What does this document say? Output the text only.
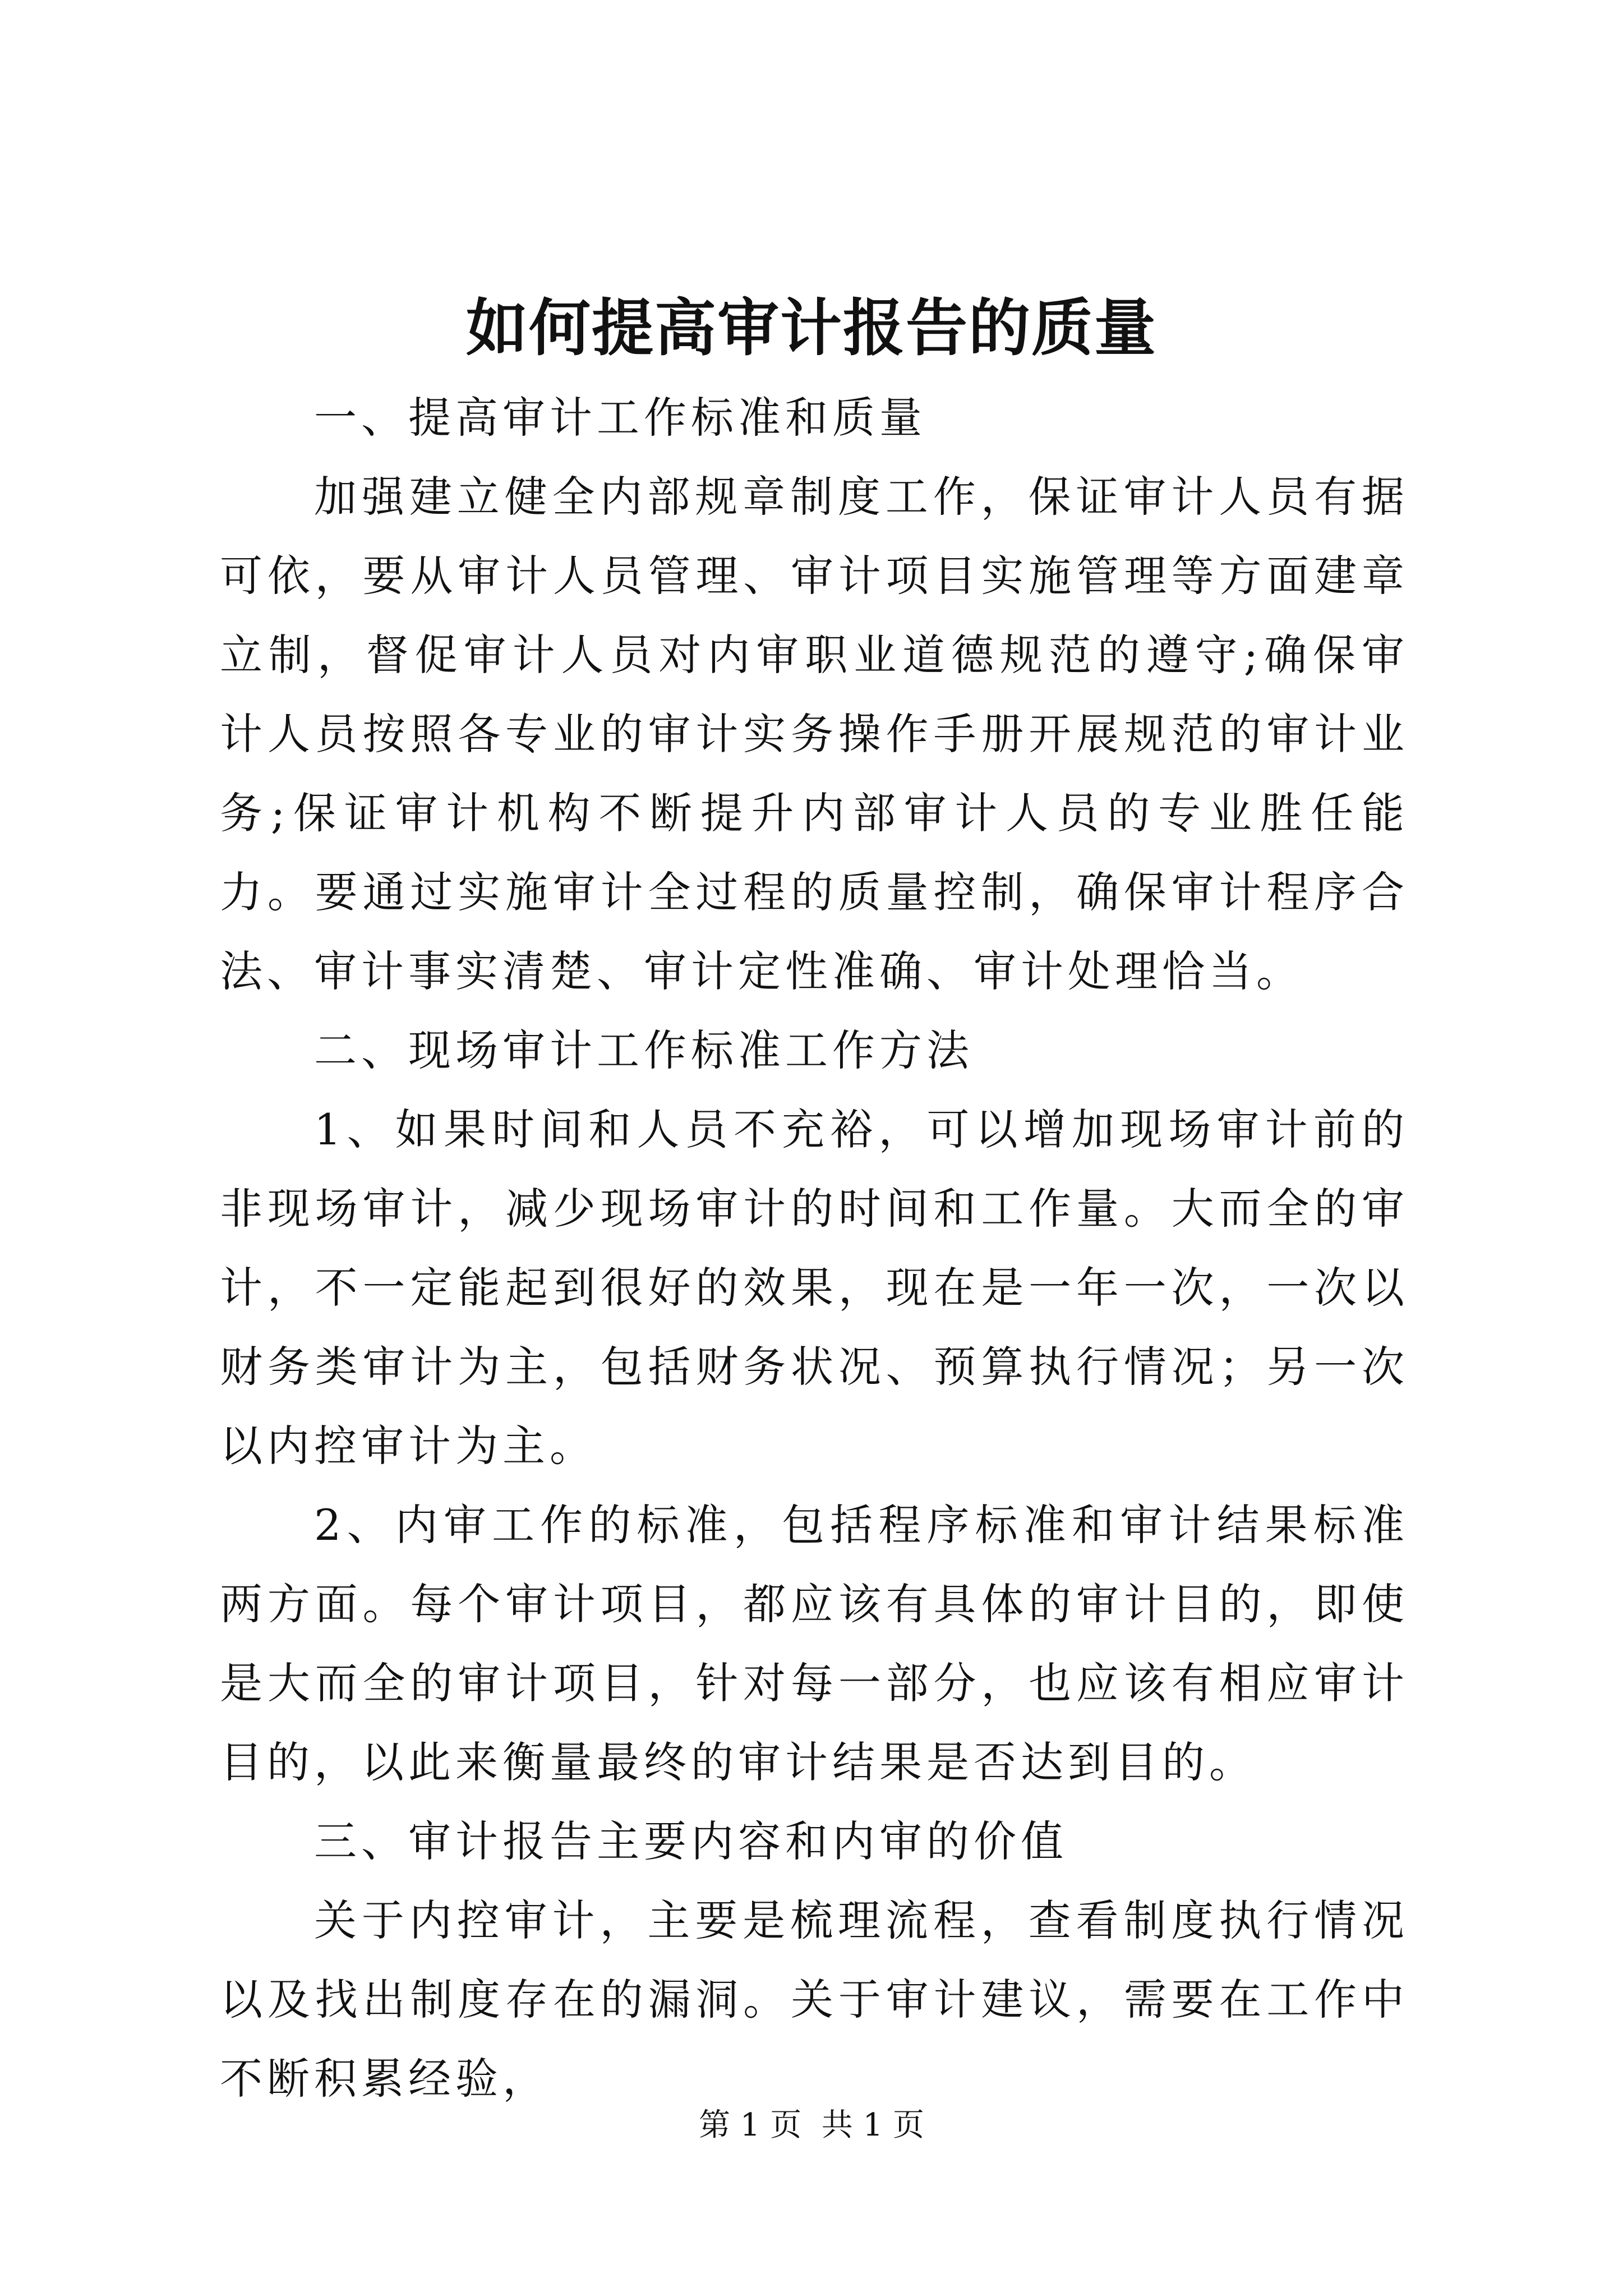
如何提高审计报告的质量

一、提高审计工作标准和质量

加强建立健全内部规章制度工作，保证审计人员有据可依，要从审计人员管理、审计项目实施管理等方面建章立制，督促审计人员对内审职业道德规范的遵守;确保审计人员按照各专业的审计实务操作手册开展规范的审计业务;保证审计机构不断提升内部审计人员的专业胜任能力。要通过实施审计全过程的质量控制，确保审计程序合法、审计事实清楚、审计定性准确、审计处理恰当。

二、现场审计工作标准工作方法

1、如果时间和人员不充裕，可以增加现场审计前的非现场审计，减少现场审计的时间和工作量。大而全的审计，不一定能起到很好的效果，现在是一年一次，一次以财务类审计为主，包括财务状况、预算执行情况；另一次以内控审计为主。

2、内审工作的标准，包括程序标准和审计结果标准两方面。每个审计项目，都应该有具体的审计目的，即使是大而全的审计项目，针对每一部分，也应该有相应审计目的，以此来衡量最终的审计结果是否达到目的。

三、审计报告主要内容和内审的价值

关于内控审计，主要是梳理流程，查看制度执行情况以及找出制度存在的漏洞。关于审计建议，需要在工作中不断积累经验，

第 1 页  共 1 页
